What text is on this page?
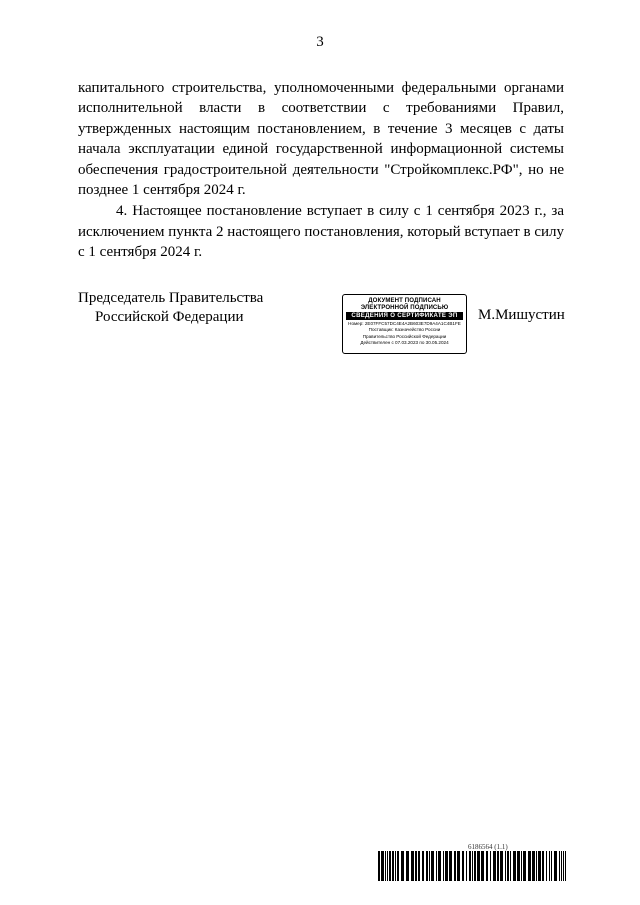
3

капитального строительства, уполномоченными федеральными органами исполнительной власти в соответствии с требованиями Правил, утвержденных настоящим постановлением, в течение 3 месяцев с даты начала эксплуатации единой государственной информационной системы обеспечения градостроительной деятельности "Стройкомплекс.РФ", но не позднее 1 сентября 2024 г.

4. Настоящее постановление вступает в силу с 1 сентября 2023 г., за исключением пункта 2 настоящего постановления, который вступает в силу с 1 сентября 2024 г.

Председатель Правительства
Российской Федерации
ДОКУМЕНТ ПОДПИСАН
ЭЛЕКТРОННОЙ ПОДПИСЬЮ
СВЕДЕНИЯ О СЕРТИФИКАТЕ ЭП
Номер: 2E07FFC57DC4E4A2B603E7D9A4A1C4B1FE
Поставщик: Казначейство России
Правительство Российской Федерации
Действителен с 07.03.2023 по 30.05.2024
М.Мишустин
6186564 (1.1)
